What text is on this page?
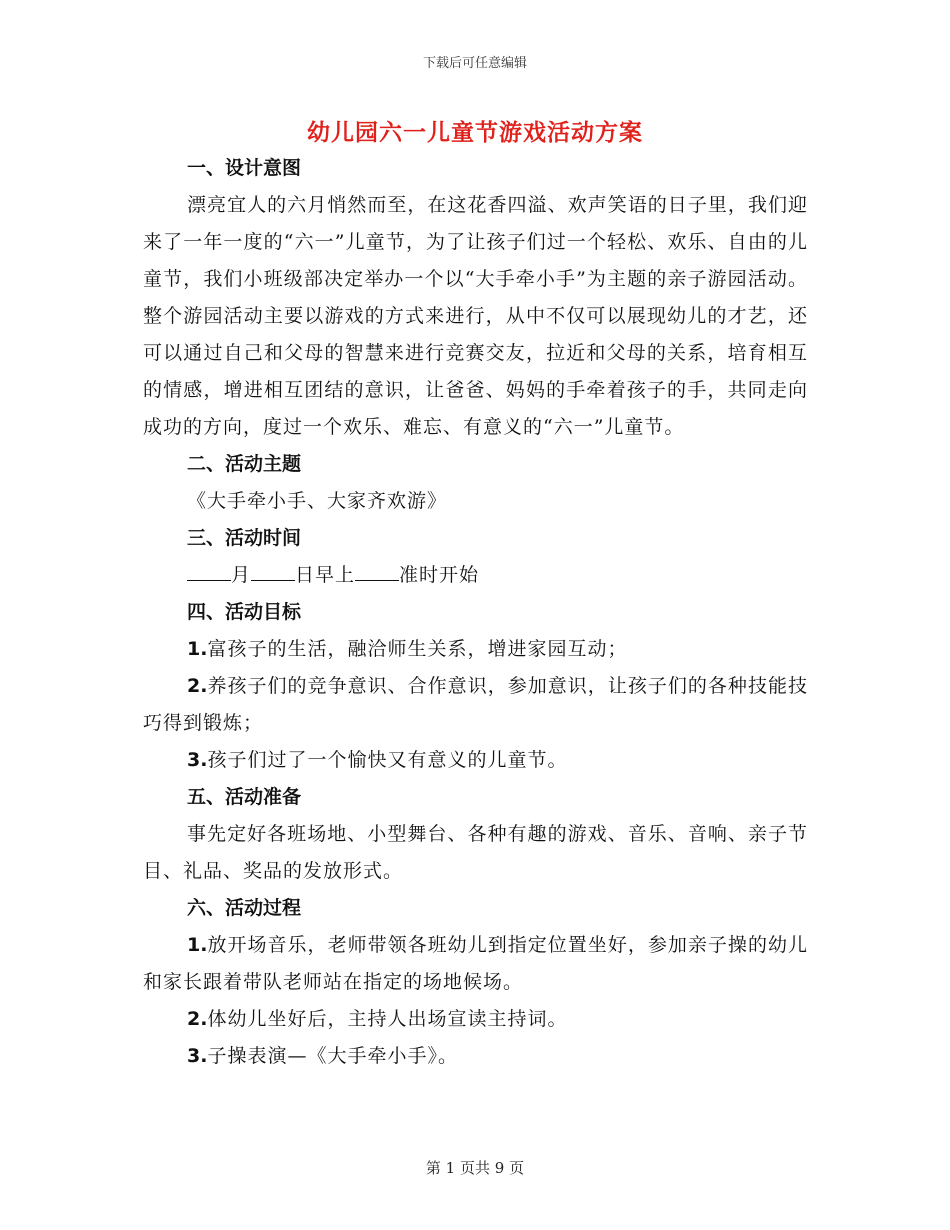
下载后可任意编辑
幼儿园六一儿童节游戏活动方案
一、设计意图

漂亮宜人的六月悄然而至，在这花香四溢、欢声笑语的日子里，我们迎来了一年一度的“六一”儿童节，为了让孩子们过一个轻松、欢乐、自由的儿童节，我们小班级部决定举办一个以“大手牵小手”为主题的亲子游园活动。整个游园活动主要以游戏的方式来进行，从中不仅可以展现幼儿的才艺，还可以通过自己和父母的智慧来进行竞赛交友，拉近和父母的关系，培育相互的情感，增进相互团结的意识，让爸爸、妈妈的手牵着孩子的手，共同走向成功的方向，度过一个欢乐、难忘、有意义的“六一”儿童节。

二、活动主题

《大手牵小手、大家齐欢游》

三、活动时间

月 日早上 准时开始

四、活动目标

1.富孩子的生活，融洽师生关系，增进家园互动；

2.养孩子们的竞争意识、合作意识，参加意识，让孩子们的各种技能技巧得到锻炼；

3.孩子们过了一个愉快又有意义的儿童节。

五、活动准备

事先定好各班场地、小型舞台、各种有趣的游戏、音乐、音响、亲子节目、礼品、奖品的发放形式。

六、活动过程

1.放开场音乐，老师带领各班幼儿到指定位置坐好，参加亲子操的幼儿和家长跟着带队老师站在指定的场地候场。

2.体幼儿坐好后，主持人出场宣读主持词。

3.子操表演—《大手牵小手》。

第 1 页共 9 页
